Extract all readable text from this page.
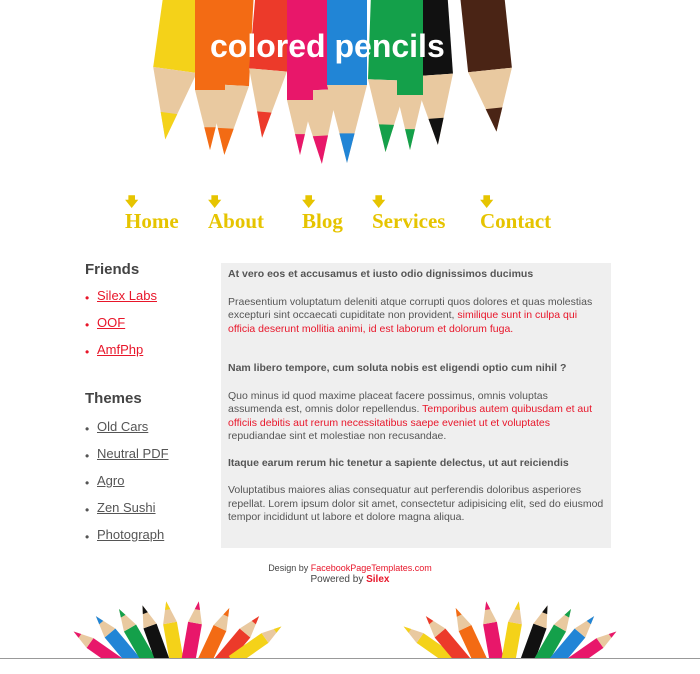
colored pencils
🡇
Home
🡇
About
🡇
Blog
🡇
Services
🡇
Contact
Friends
• Silex Labs
• OOF
• AmfPhp
Themes
• Old Cars
• Neutral PDF
• Agro
• Zen Sushi
• Photograph
At vero eos et accusamus et iusto odio dignissimos ducimus

Praesentium voluptatum deleniti atque corrupti quos dolores et quas molestias excepturi sint occaecati cupiditate non provident, similique sunt in culpa qui officia deserunt mollitia animi, id est laborum et dolorum fuga.

Nam libero tempore, cum soluta nobis est eligendi optio cum nihil ?

Quo minus id quod maxime placeat facere possimus, omnis voluptas assumenda est, omnis dolor repellendus. Temporibus autem quibusdam et aut officiis debitis aut rerum necessitatibus saepe eveniet ut et voluptates repudiandae sint et molestiae non recusandae.

Itaque earum rerum hic tenetur a sapiente delectus, ut aut reiciendis

Voluptatibus maiores alias consequatur aut perferendis doloribus asperiores repellat. Lorem ipsum dolor sit amet, consectetur adipisicing elit, sed do eiusmod tempor incididunt ut labore et dolore magna aliqua.

Design by FacebookPageTemplates.com
Powered by Silex
